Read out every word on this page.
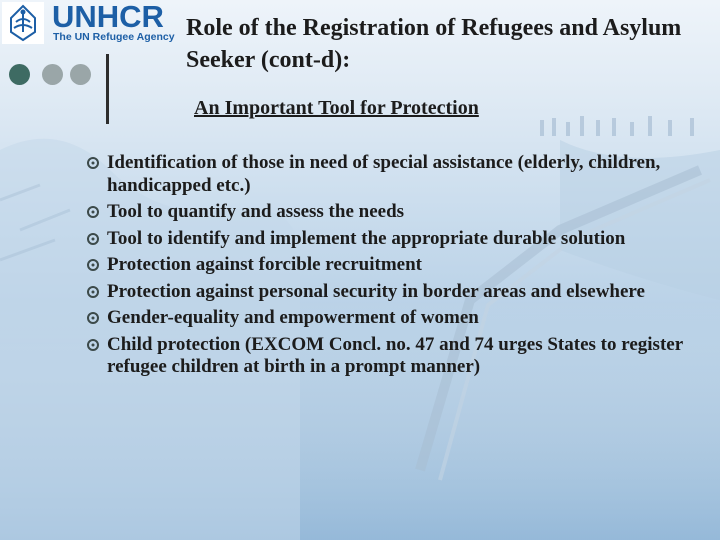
UNHCR
The UN Refugee Agency Role of the Registration of Refugees and Asylum Seeker (cont-d):
An Important Tool for Protection
Identification of those in need of special assistance (elderly, children, handicapped etc.)
Tool to quantify and assess the needs
Tool to identify and implement the appropriate durable solution
Protection against forcible recruitment
Protection against personal security in border areas and elsewhere
Gender-equality and empowerment of women
Child protection (EXCOM Concl. no. 47 and 74 urges States to register refugee children at birth in a prompt manner)
